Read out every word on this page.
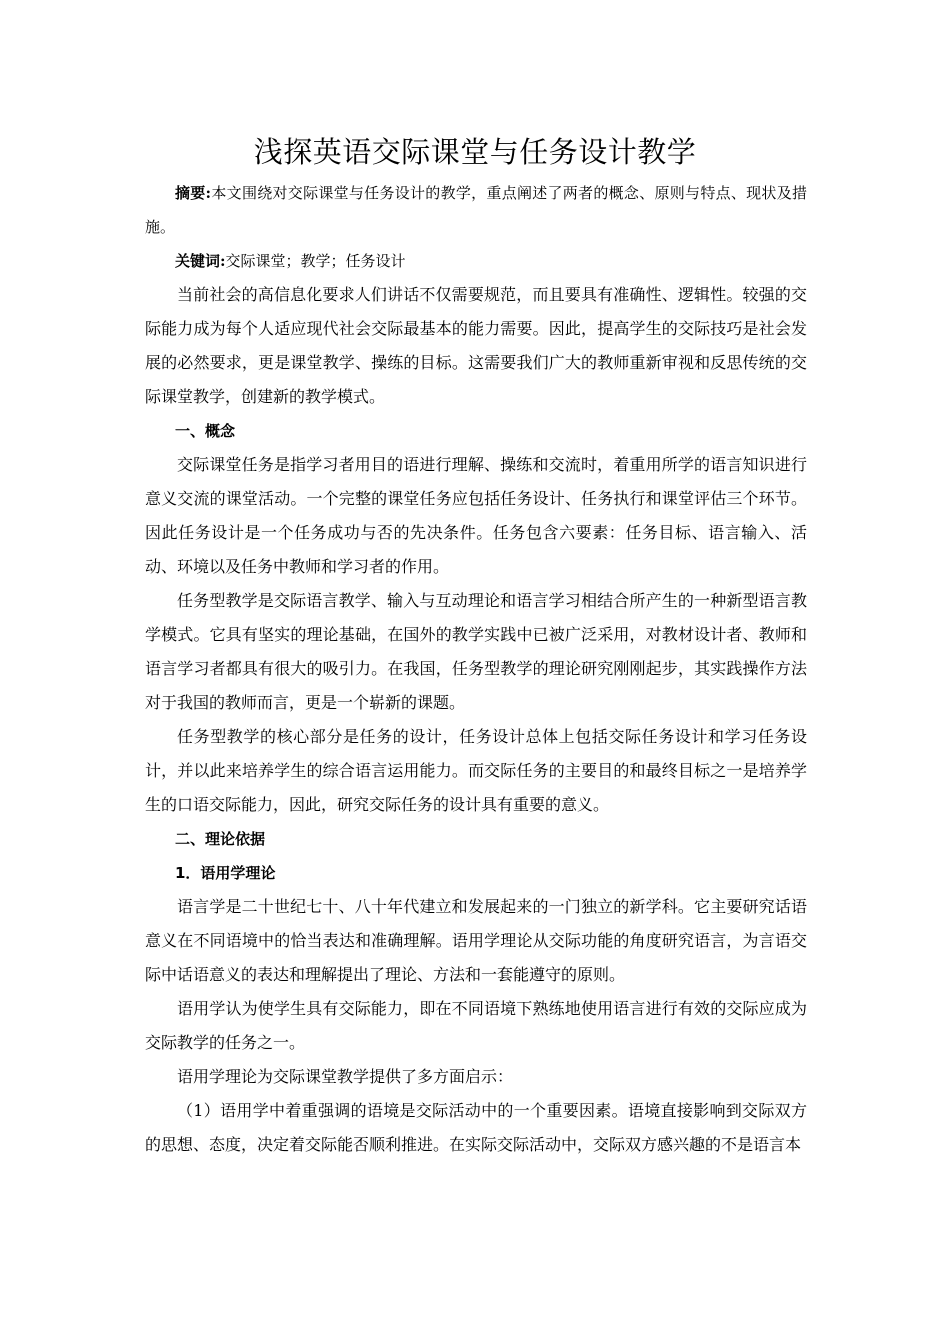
浅探英语交际课堂与任务设计教学

摘要:本文围绕对交际课堂与任务设计的教学，重点阐述了两者的概念、原则与特点、现状及措施。

关键词:交际课堂；教学；任务设计

当前社会的高信息化要求人们讲话不仅需要规范，而且要具有准确性、逻辑性。较强的交际能力成为每个人适应现代社会交际最基本的能力需要。因此，提高学生的交际技巧是社会发展的必然要求，更是课堂教学、操练的目标。这需要我们广大的教师重新审视和反思传统的交际课堂教学，创建新的教学模式。

一、概念

交际课堂任务是指学习者用目的语进行理解、操练和交流时，着重用所学的语言知识进行意义交流的课堂活动。一个完整的课堂任务应包括任务设计、任务执行和课堂评估三个环节。因此任务设计是一个任务成功与否的先决条件。任务包含六要素：任务目标、语言输入、活动、环境以及任务中教师和学习者的作用。

任务型教学是交际语言教学、输入与互动理论和语言学习相结合所产生的一种新型语言教学模式。它具有坚实的理论基础，在国外的教学实践中已被广泛采用，对教材设计者、教师和语言学习者都具有很大的吸引力。在我国，任务型教学的理论研究刚刚起步，其实践操作方法对于我国的教师而言，更是一个崭新的课题。

任务型教学的核心部分是任务的设计，任务设计总体上包括交际任务设计和学习任务设计，并以此来培养学生的综合语言运用能力。而交际任务的主要目的和最终目标之一是培养学生的口语交际能力，因此，研究交际任务的设计具有重要的意义。

二、理论依据

1．语用学理论

语言学是二十世纪七十、八十年代建立和发展起来的一门独立的新学科。它主要研究话语意义在不同语境中的恰当表达和准确理解。语用学理论从交际功能的角度研究语言，为言语交际中话语意义的表达和理解提出了理论、方法和一套能遵守的原则。

语用学认为使学生具有交际能力，即在不同语境下熟练地使用语言进行有效的交际应成为交际教学的任务之一。

语用学理论为交际课堂教学提供了多方面启示：

（1）语用学中着重强调的语境是交际活动中的一个重要因素。语境直接影响到交际双方的思想、态度，决定着交际能否顺利推进。在实际交际活动中，交际双方感兴趣的不是语言本
